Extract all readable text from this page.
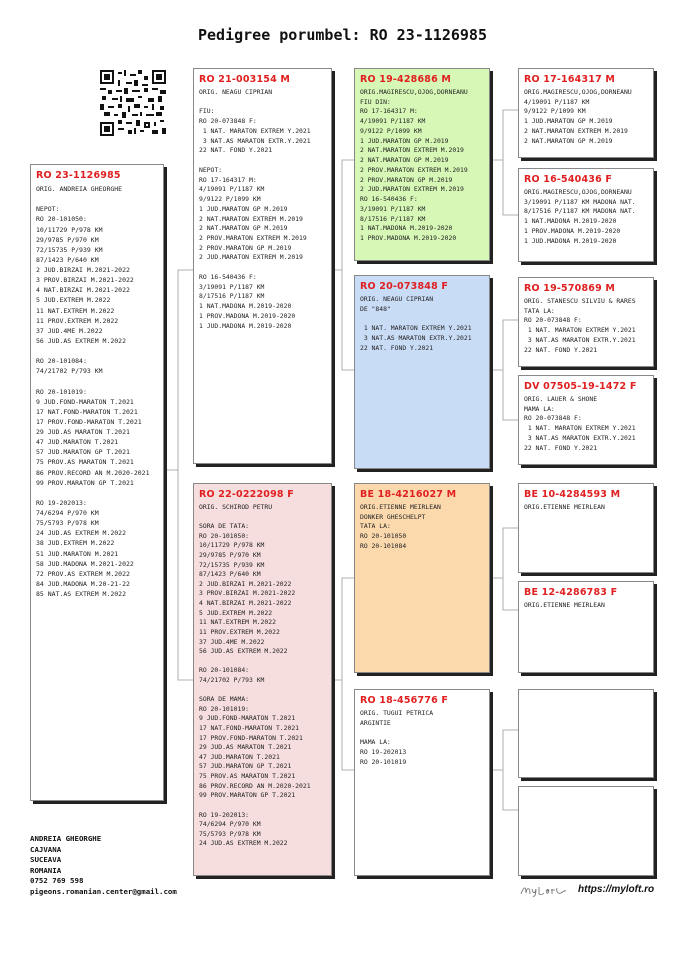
Pedigree porumbel: RO 23-1126985
RO 23-1126985
ORIG. ANDREIA GHEORGHE

NEPOT:
RO 20-101050:
10/11729 P/978 KM
29/9785 P/970 KM
72/15735 P/939 KM
87/1423 P/640 KM
2 JUD.BIRZAI M.2021-2022
3 PROV.BIRZAI M.2021-2022
4 NAT.BIRZAI M.2021-2022
5 JUD.EXTREM M.2022
11 NAT.EXTREM M.2022
11 PROV.EXTREM M.2022
37 JUD.4ME M.2022
56 JUD.AS EXTREM M.2022

RO 20-101084:
74/21702 P/793 KM

RO 20-101019:
9 JUD.FOND-MARATON T.2021
17 NAT.FOND-MARATON T.2021
17 PROV.FOND-MARATON T.2021
29 JUD.AS MARATON T.2021
47 JUD.MARATON T.2021
57 JUD.MARATON GP T.2021
75 PROV.AS MARATON T.2021
86 PROV.RECORD AN M.2020-2021
99 PROV.MARATON GP T.2021

RO 19-202013:
74/6294 P/970 KM
75/5793 P/978 KM
24 JUD.AS EXTREM M.2022
38 JUD.EXTREM M.2022
51 JUD.MARATON M.2021
58 JUD.MADONA M.2021-2022
72 PROV.AS EXTREM M.2022
84 JUD.MADONA M.20-21-22
85 NAT.AS EXTREM M.2022
RO 21-003154 M
ORIG. NEAGU CIPRIAN

FIU:
RO 20-073848 F:
1 NAT. MARATON EXTREM Y.2021
3 NAT.AS MARATON EXTR.Y.2021
22 NAT. FOND Y.2021

NEPOT:
RO 17-164317 M:
4/19091 P/1187 KM
9/9122 P/1099 KM
1 JUD.MARATON GP M.2019
2 NAT.MARATON EXTREM M.2019
2 NAT.MARATON GP M.2019
2 PROV.MARATON EXTREM M.2019
2 PROV.MARATON GP M.2019
2 JUD.MARATON EXTREM M.2019

RO 16-540436 F:
3/19091 P/1187 KM
8/17516 P/1187 KM
1 NAT.MADONA M.2019-2020
1 PROV.MADONA M.2019-2020
1 JUD.MADONA M.2019-2020
RO 22-0222098 F
ORIG. SCHIROD PETRU

SORA DE TATA:
RO 20-101050:
10/11729 P/978 KM
29/9785 P/970 KM
72/15735 P/939 KM
87/1423 P/640 KM
2 JUD.BIRZAI M.2021-2022
3 PROV.BIRZAI M.2021-2022
4 NAT.BIRZAI M.2021-2022
5 JUD.EXTREM M.2022
11 NAT.EXTREM M.2022
11 PROV.EXTREM M.2022
37 JUD.4ME M.2022
56 JUD.AS EXTREM M.2022

RO 20-101084:
74/21702 P/793 KM

SORA DE MAMA:
RO 20-101019:
9 JUD.FOND-MARATON T.2021
17 NAT.FOND-MARATON T.2021
17 PROV.FOND-MARATON T.2021
29 JUD.AS MARATON T.2021
47 JUD.MARATON T.2021
57 JUD.MARATON GP T.2021
75 PROV.AS MARATON T.2021
86 PROV.RECORD AN M.2020-2021
99 PROV.MARATON GP T.2021

RO 19-202013:
74/6294 P/970 KM
75/5793 P/978 KM
24 JUD.AS EXTREM M.2022
RO 19-428686 M
ORIG.MAGIRESCU,OJOG,DORNEANU
FIU DIN:
RO 17-164317 M:
4/19091 P/1187 KM
9/9122 P/1099 KM
1 JUD.MARATON GP M.2019
2 NAT.MARATON EXTREM M.2019
2 NAT.MARATON GP M.2019
2 PROV.MARATON EXTREM M.2019
2 PROV.MARATON GP M.2019
2 JUD.MARATON EXTREM M.2019
RO 16-540436 F:
3/19091 P/1187 KM
8/17516 P/1187 KM
1 NAT.MADONA M.2019-2020
1 PROV.MADONA M.2019-2020
RO 20-073848 F
ORIG. NEAGU CIPRIAN
DE "848"

1 NAT. MARATON EXTREM Y.2021
3 NAT.AS MARATON EXTR.Y.2021
22 NAT. FOND Y.2021
BE 18-4216027 M
ORIG.ETIENNE MEIRLEAN
DONKER GHESCHELPT
TATA LA:
RO 20-101050
RO 20-101084
RO 18-456776 F
ORIG. TUGUI PETRICA
ARGINTIE

MAMA LA:
RO 19-202013
RO 20-101019
RO 17-164317 M
ORIG.MAGIRESCU,OJOG,DORNEANU
4/19091 P/1187 KM
9/9122 P/1099 KM
1 JUD.MARATON GP M.2019
2 NAT.MARATON EXTREM M.2019
2 NAT.MARATON GP M.2019
RO 16-540436 F
ORIG.MAGIRESCU,OJOG,DORNEANU
3/19091 P/1187 KM MADONA NAT.
8/17516 P/1187 KM MADONA NAT.
1 NAT.MADONA M.2019-2020
1 PROV.MADONA M.2019-2020
1 JUD.MADONA M.2019-2020
RO 19-570869 M
ORIG. STANESCU SILVIU & RARES
TATA LA:
RO 20-073848 F:
1 NAT. MARATON EXTREM Y.2021
3 NAT.AS MARATON EXTR.Y.2021
22 NAT. FOND Y.2021
DV 07505-19-1472 F
ORIG. LAUER & SHONE
MAMA LA:
RO 20-073848 F:
1 NAT. MARATON EXTREM Y.2021
3 NAT.AS MARATON EXTR.Y.2021
22 NAT. FOND Y.2021
BE 10-4284593 M
ORIG.ETIENNE MEIRLEAN
BE 12-4286783 F
ORIG.ETIENNE MEIRLEAN
ANDREIA GHEORGHE
CAJVANA
SUCEAVA
ROMANIA
0752 769 598
pigeons.romanian.center@gmail.com	https://myloft.ro
